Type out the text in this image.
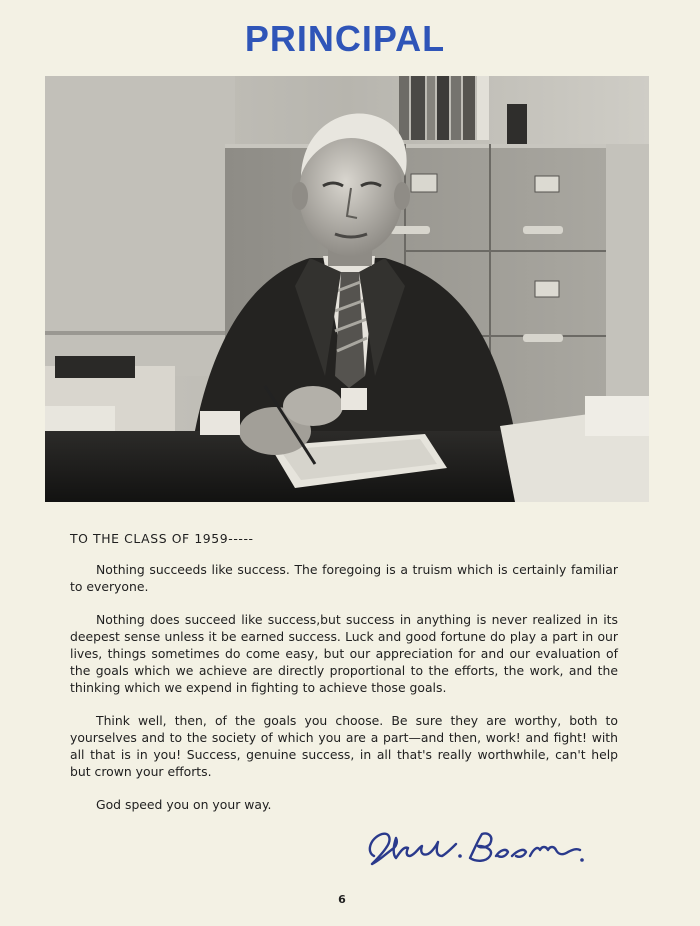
PRINCIPAL

TO THE CLASS OF 1959-----

Nothing succeeds like success. The foregoing is a truism which is certainly familiar to everyone.

Nothing does succeed like success,but success in anything is never realized in its deepest sense unless it be earned success. Luck and good fortune do play a part in our lives, things sometimes do come easy, but our appreciation for and our evaluation of the goals which we achieve are directly proportional to the efforts, the work, and the thinking which we expend in fighting to achieve those goals.

Think well, then, of the goals you choose. Be sure they are worthy, both to yourselves and to the society of which you are a part—and then, work! and fight! with all that is in you! Success, genuine success, in all that's really worthwhile, can't help but crown your efforts.

God speed you on your way.

6
